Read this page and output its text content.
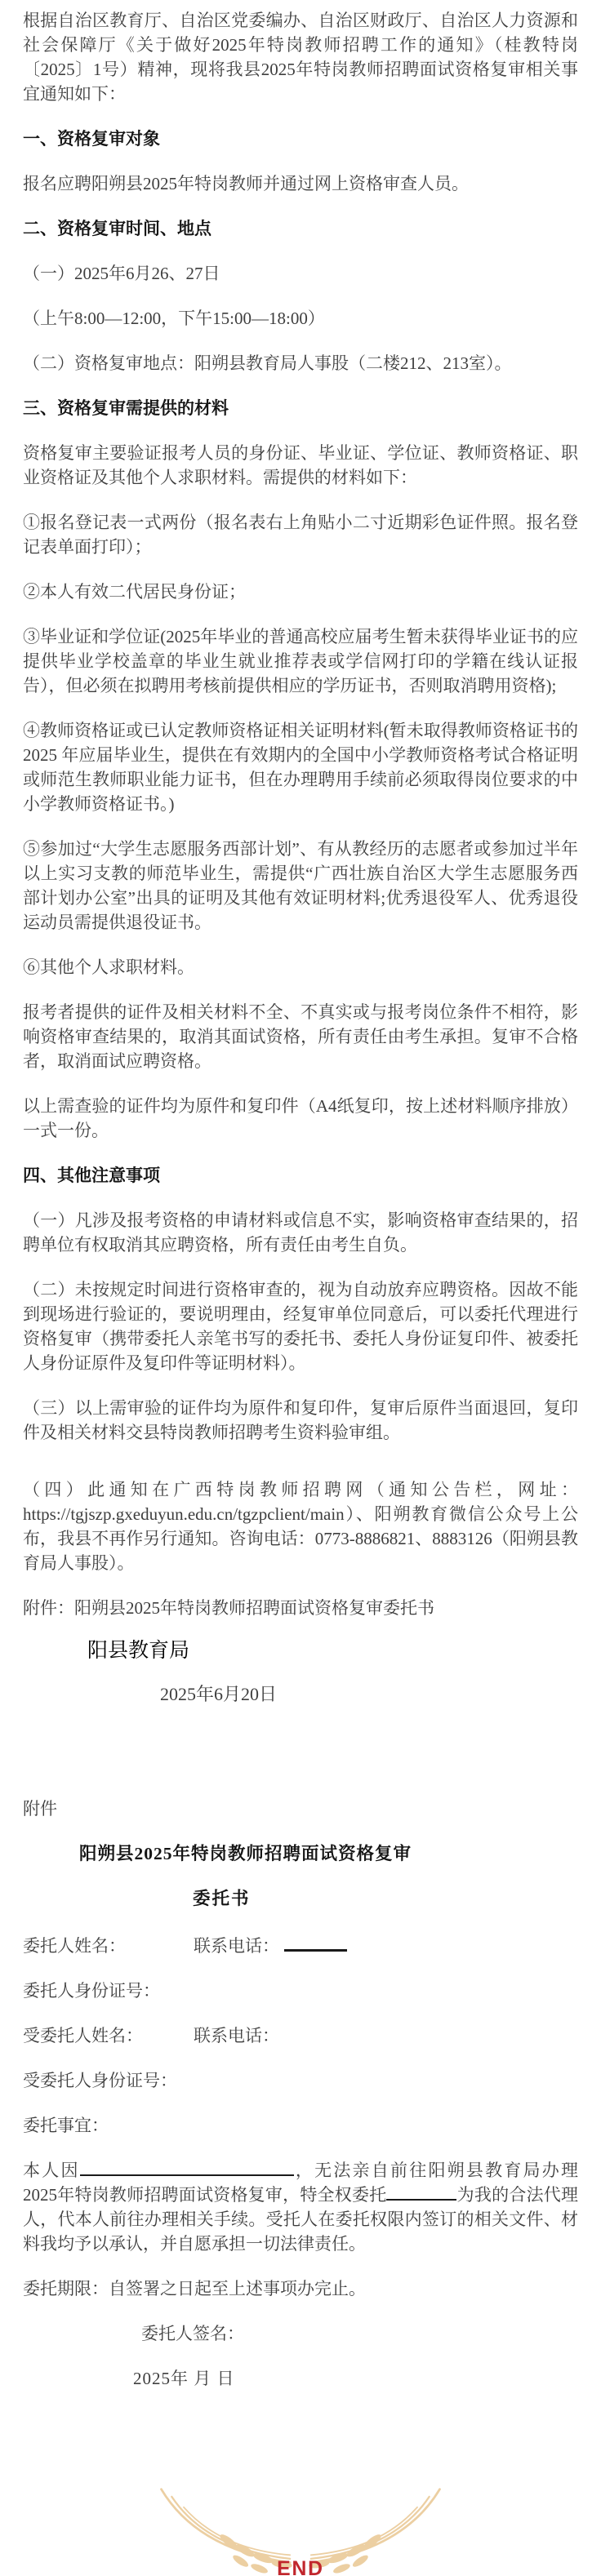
根据自治区教育厅、自治区党委编办、自治区财政厅、自治区人力资源和社会保障厅《关于做好2025年特岗教师招聘工作的通知》（桂教特岗〔2025〕1号）精神，现将我县2025年特岗教师招聘面试资格复审相关事宜通知如下：

一、资格复审对象

报名应聘阳朔县2025年特岗教师并通过网上资格审查人员。

二、资格复审时间、地点

（一）2025年6月26、27日

（上午8:00—12:00，下午15:00—18:00）

（二）资格复审地点：阳朔县教育局人事股（二楼212、213室）。

三、资格复审需提供的材料

资格复审主要验证报考人员的身份证、毕业证、学位证、教师资格证、职业资格证及其他个人求职材料。需提供的材料如下：

①报名登记表一式两份（报名表右上角贴小二寸近期彩色证件照。报名登记表单面打印）；

②本人有效二代居民身份证；

③毕业证和学位证(2025年毕业的普通高校应届考生暂未获得毕业证书的应提供毕业学校盖章的毕业生就业推荐表或学信网打印的学籍在线认证报告），但必须在拟聘用考核前提供相应的学历证书，否则取消聘用资格);

④教师资格证或已认定教师资格证相关证明材料(暂未取得教师资格证书的2025 年应届毕业生，提供在有效期内的全国中小学教师资格考试合格证明或师范生教师职业能力证书，但在办理聘用手续前必须取得岗位要求的中小学教师资格证书。)

⑤参加过“大学生志愿服务西部计划”、有从教经历的志愿者或参加过半年以上实习支教的师范毕业生，需提供“广西壮族自治区大学生志愿服务西部计划办公室”出具的证明及其他有效证明材料;优秀退役军人、优秀退役运动员需提供退役证书。

⑥其他个人求职材料。

报考者提供的证件及相关材料不全、不真实或与报考岗位条件不相符，影响资格审查结果的，取消其面试资格，所有责任由考生承担。复审不合格者，取消面试应聘资格。

以上需查验的证件均为原件和复印件（A4纸复印，按上述材料顺序排放）一式一份。

四、其他注意事项

（一）凡涉及报考资格的申请材料或信息不实，影响资格审查结果的，招聘单位有权取消其应聘资格，所有责任由考生自负。

（二）未按规定时间进行资格审查的，视为自动放弃应聘资格。因故不能到现场进行验证的，要说明理由，经复审单位同意后，可以委托代理进行资格复审（携带委托人亲笔书写的委托书、委托人身份证复印件、被委托人身份证原件及复印件等证明材料）。

（三）以上需审验的证件均为原件和复印件，复审后原件当面退回，复印件及相关材料交县特岗教师招聘考生资料验审组。

（四）此通知在广西特岗教师招聘网（通知公告栏，网址：https://tgjszp.gxeduyun.edu.cn/tgzpclient/main）、阳朔教育微信公众号上公布，我县不再作另行通知。咨询电话：0773-8886821、8883126（阳朔县教育局人事股）。

附件：阳朔县2025年特岗教师招聘面试资格复审委托书

阳县教育局

2025年6月20日

附件

阳朔县2025年特岗教师招聘面试资格复审

委托书

委托人姓名：	联系电话：
委托人身份证号：
受委托人姓名：	联系电话：
受委托人身份证号：
委托事宜：

本人因	，无法亲自前往阳朔县教育局办理2025年特岗教师招聘面试资格复审，特全权委托	为我的合法代理人，代本人前往办理相关手续。受托人在委托权限内签订的相关文件、材料我均予以承认，并自愿承担一切法律责任。

委托期限：自签署之日起至上述事项办完止。

委托人签名：

2025年 月 日

END
